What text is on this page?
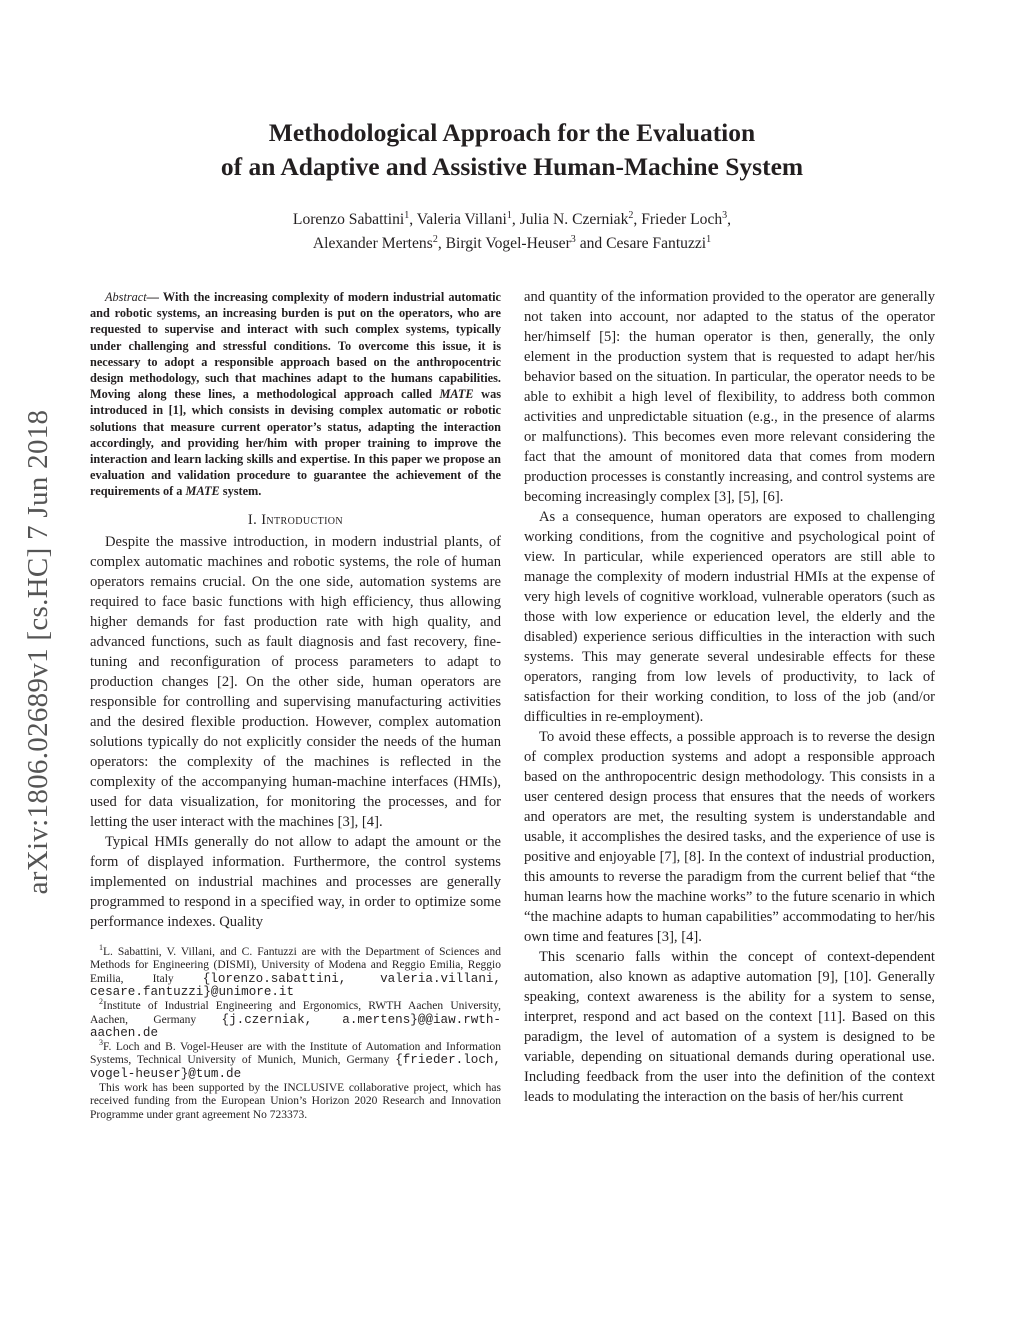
Methodological Approach for the Evaluation
of an Adaptive and Assistive Human-Machine System
Lorenzo Sabattini$^1$, Valeria Villani$^1$, Julia N. Czerniak$^2$, Frieder Loch$^3$,
Alexander Mertens$^2$, Birgit Vogel-Heuser$^3$ and Cesare Fantuzzi$^1$
arXiv:1806.02689v1 [cs.HC] 7 Jun 2018

Abstract— With the increasing complexity of modern industrial automatic and robotic systems, an increasing burden is put on the operators, who are requested to supervise and interact with such complex systems, typically under challenging and stressful conditions. To overcome this issue, it is necessary to adopt a responsible approach based on the anthropocentric design methodology, such that machines adapt to the humans capabilities. Moving along these lines, a methodological approach called MATE was introduced in [1], which consists in devising complex automatic or robotic solutions that measure current operator’s status, adapting the interaction accordingly, and providing her/him with proper training to improve the interaction and learn lacking skills and expertise. In this paper we propose an evaluation and validation procedure to guarantee the achievement of the requirements of a MATE system.

I. Introduction

Despite the massive introduction, in modern industrial plants, of complex automatic machines and robotic systems, the role of human operators remains crucial. On the one side, automation systems are required to face basic functions with high efficiency, thus allowing higher demands for fast production rate with high quality, and advanced functions, such as fault diagnosis and fast recovery, fine-tuning and reconfiguration of process parameters to adapt to production changes [2]. On the other side, human operators are responsible for controlling and supervising manufacturing activities and the desired flexible production. However, complex automation solutions typically do not explicitly consider the needs of the human operators: the complexity of the machines is reflected in the complexity of the accompanying human-machine interfaces (HMIs), used for data visualization, for monitoring the processes, and for letting the user interact with the machines [3], [4].

Typical HMIs generally do not allow to adapt the amount or the form of displayed information. Furthermore, the control systems implemented on industrial machines and processes are generally programmed to respond in a specified way, in order to optimize some performance indexes. Quality

$^1$L. Sabattini, V. Villani, and C. Fantuzzi are with the Department of Sciences and Methods for Engineering (DISMI), University of Modena and Reggio Emilia, Reggio Emilia, Italy {lorenzo.sabattini, valeria.villani, cesare.fantuzzi}@unimore.it

$^2$Institute of Industrial Engineering and Ergonomics, RWTH Aachen University, Aachen, Germany {j.czerniak, a.mertens}@@iaw.rwth-aachen.de

$^3$F. Loch and B. Vogel-Heuser are with the Institute of Automation and Information Systems, Technical University of Munich, Munich, Germany {frieder.loch, vogel-heuser}@tum.de

This work has been supported by the INCLUSIVE collaborative project, which has received funding from the European Union’s Horizon 2020 Research and Innovation Programme under grant agreement No 723373.

and quantity of the information provided to the operator are generally not taken into account, nor adapted to the status of the operator her/himself [5]: the human operator is then, generally, the only element in the production system that is requested to adapt her/his behavior based on the situation. In particular, the operator needs to be able to exhibit a high level of flexibility, to address both common activities and unpredictable situation (e.g., in the presence of alarms or malfunctions). This becomes even more relevant considering the fact that the amount of monitored data that comes from modern production processes is constantly increasing, and control systems are becoming increasingly complex [3], [5], [6].

As a consequence, human operators are exposed to challenging working conditions, from the cognitive and psychological point of view. In particular, while experienced operators are still able to manage the complexity of modern industrial HMIs at the expense of very high levels of cognitive workload, vulnerable operators (such as those with low experience or education level, the elderly and the disabled) experience serious difficulties in the interaction with such systems. This may generate several undesirable effects for these operators, ranging from low levels of productivity, to lack of satisfaction for their working condition, to loss of the job (and/or difficulties in re-employment).

To avoid these effects, a possible approach is to reverse the design of complex production systems and adopt a responsible approach based on the anthropocentric design methodology. This consists in a user centered design process that ensures that the needs of workers and operators are met, the resulting system is understandable and usable, it accomplishes the desired tasks, and the experience of use is positive and enjoyable [7], [8]. In the context of industrial production, this amounts to reverse the paradigm from the current belief that “the human learns how the machine works” to the future scenario in which “the machine adapts to human capabilities” accommodating to her/his own time and features [3], [4].

This scenario falls within the concept of context-dependent automation, also known as adaptive automation [9], [10]. Generally speaking, context awareness is the ability for a system to sense, interpret, respond and act based on the context [11]. Based on this paradigm, the level of automation of a system is designed to be variable, depending on situational demands during operational use. Including feedback from the user into the definition of the context leads to modulating the interaction on the basis of her/his current
